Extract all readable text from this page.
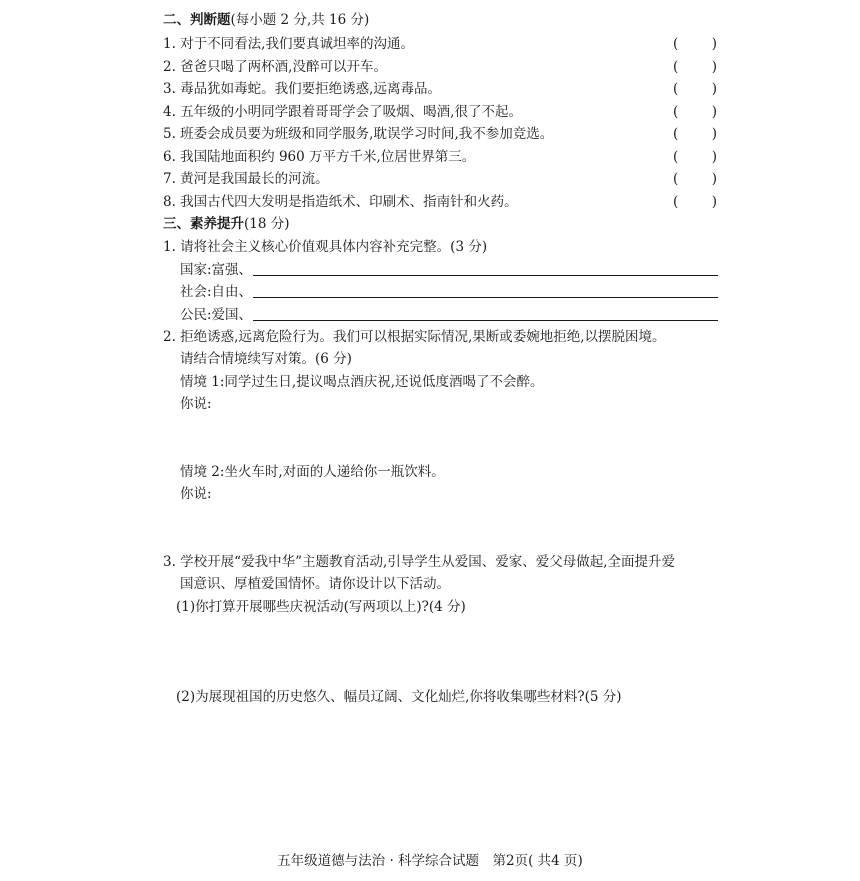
二、判断题(每小题 2 分,共 16 分)
1. 对于不同看法,我们要真诚坦率的沟通。	( )
2. 爸爸只喝了两杯酒,没醉可以开车。	( )
3. 毒品犹如毒蛇。我们要拒绝诱惑,远离毒品。	( )
4. 五年级的小明同学跟着哥哥学会了吸烟、喝酒,很了不起。	( )
5. 班委会成员要为班级和同学服务,耽误学习时间,我不参加竞选。	( )
6. 我国陆地面积约 960 万平方千米,位居世界第三。	( )
7. 黄河是我国最长的河流。	( )
8. 我国古代四大发明是指造纸术、印刷术、指南针和火药。	( )
三、素养提升(18 分)
1. 请将社会主义核心价值观具体内容补充完整。(3 分)
国家:富强、
社会:自由、
公民:爱国、
2. 拒绝诱惑,远离危险行为。我们可以根据实际情况,果断或委婉地拒绝,以摆脱困境。
请结合情境续写对策。(6 分)
情境 1:同学过生日,提议喝点酒庆祝,还说低度酒喝了不会醉。
你说:
情境 2:坐火车时,对面的人递给你一瓶饮料。
你说:
3. 学校开展“爱我中华”主题教育活动,引导学生从爱国、爱家、爱父母做起,全面提升爱
国意识、厚植爱国情怀。请你设计以下活动。
(1)你打算开展哪些庆祝活动(写两项以上)?(4 分)
(2)为展现祖国的历史悠久、幅员辽阔、文化灿烂,你将收集哪些材料?(5 分)
五年级道德与法治 · 科学综合试题　第2页( 共4 页)
